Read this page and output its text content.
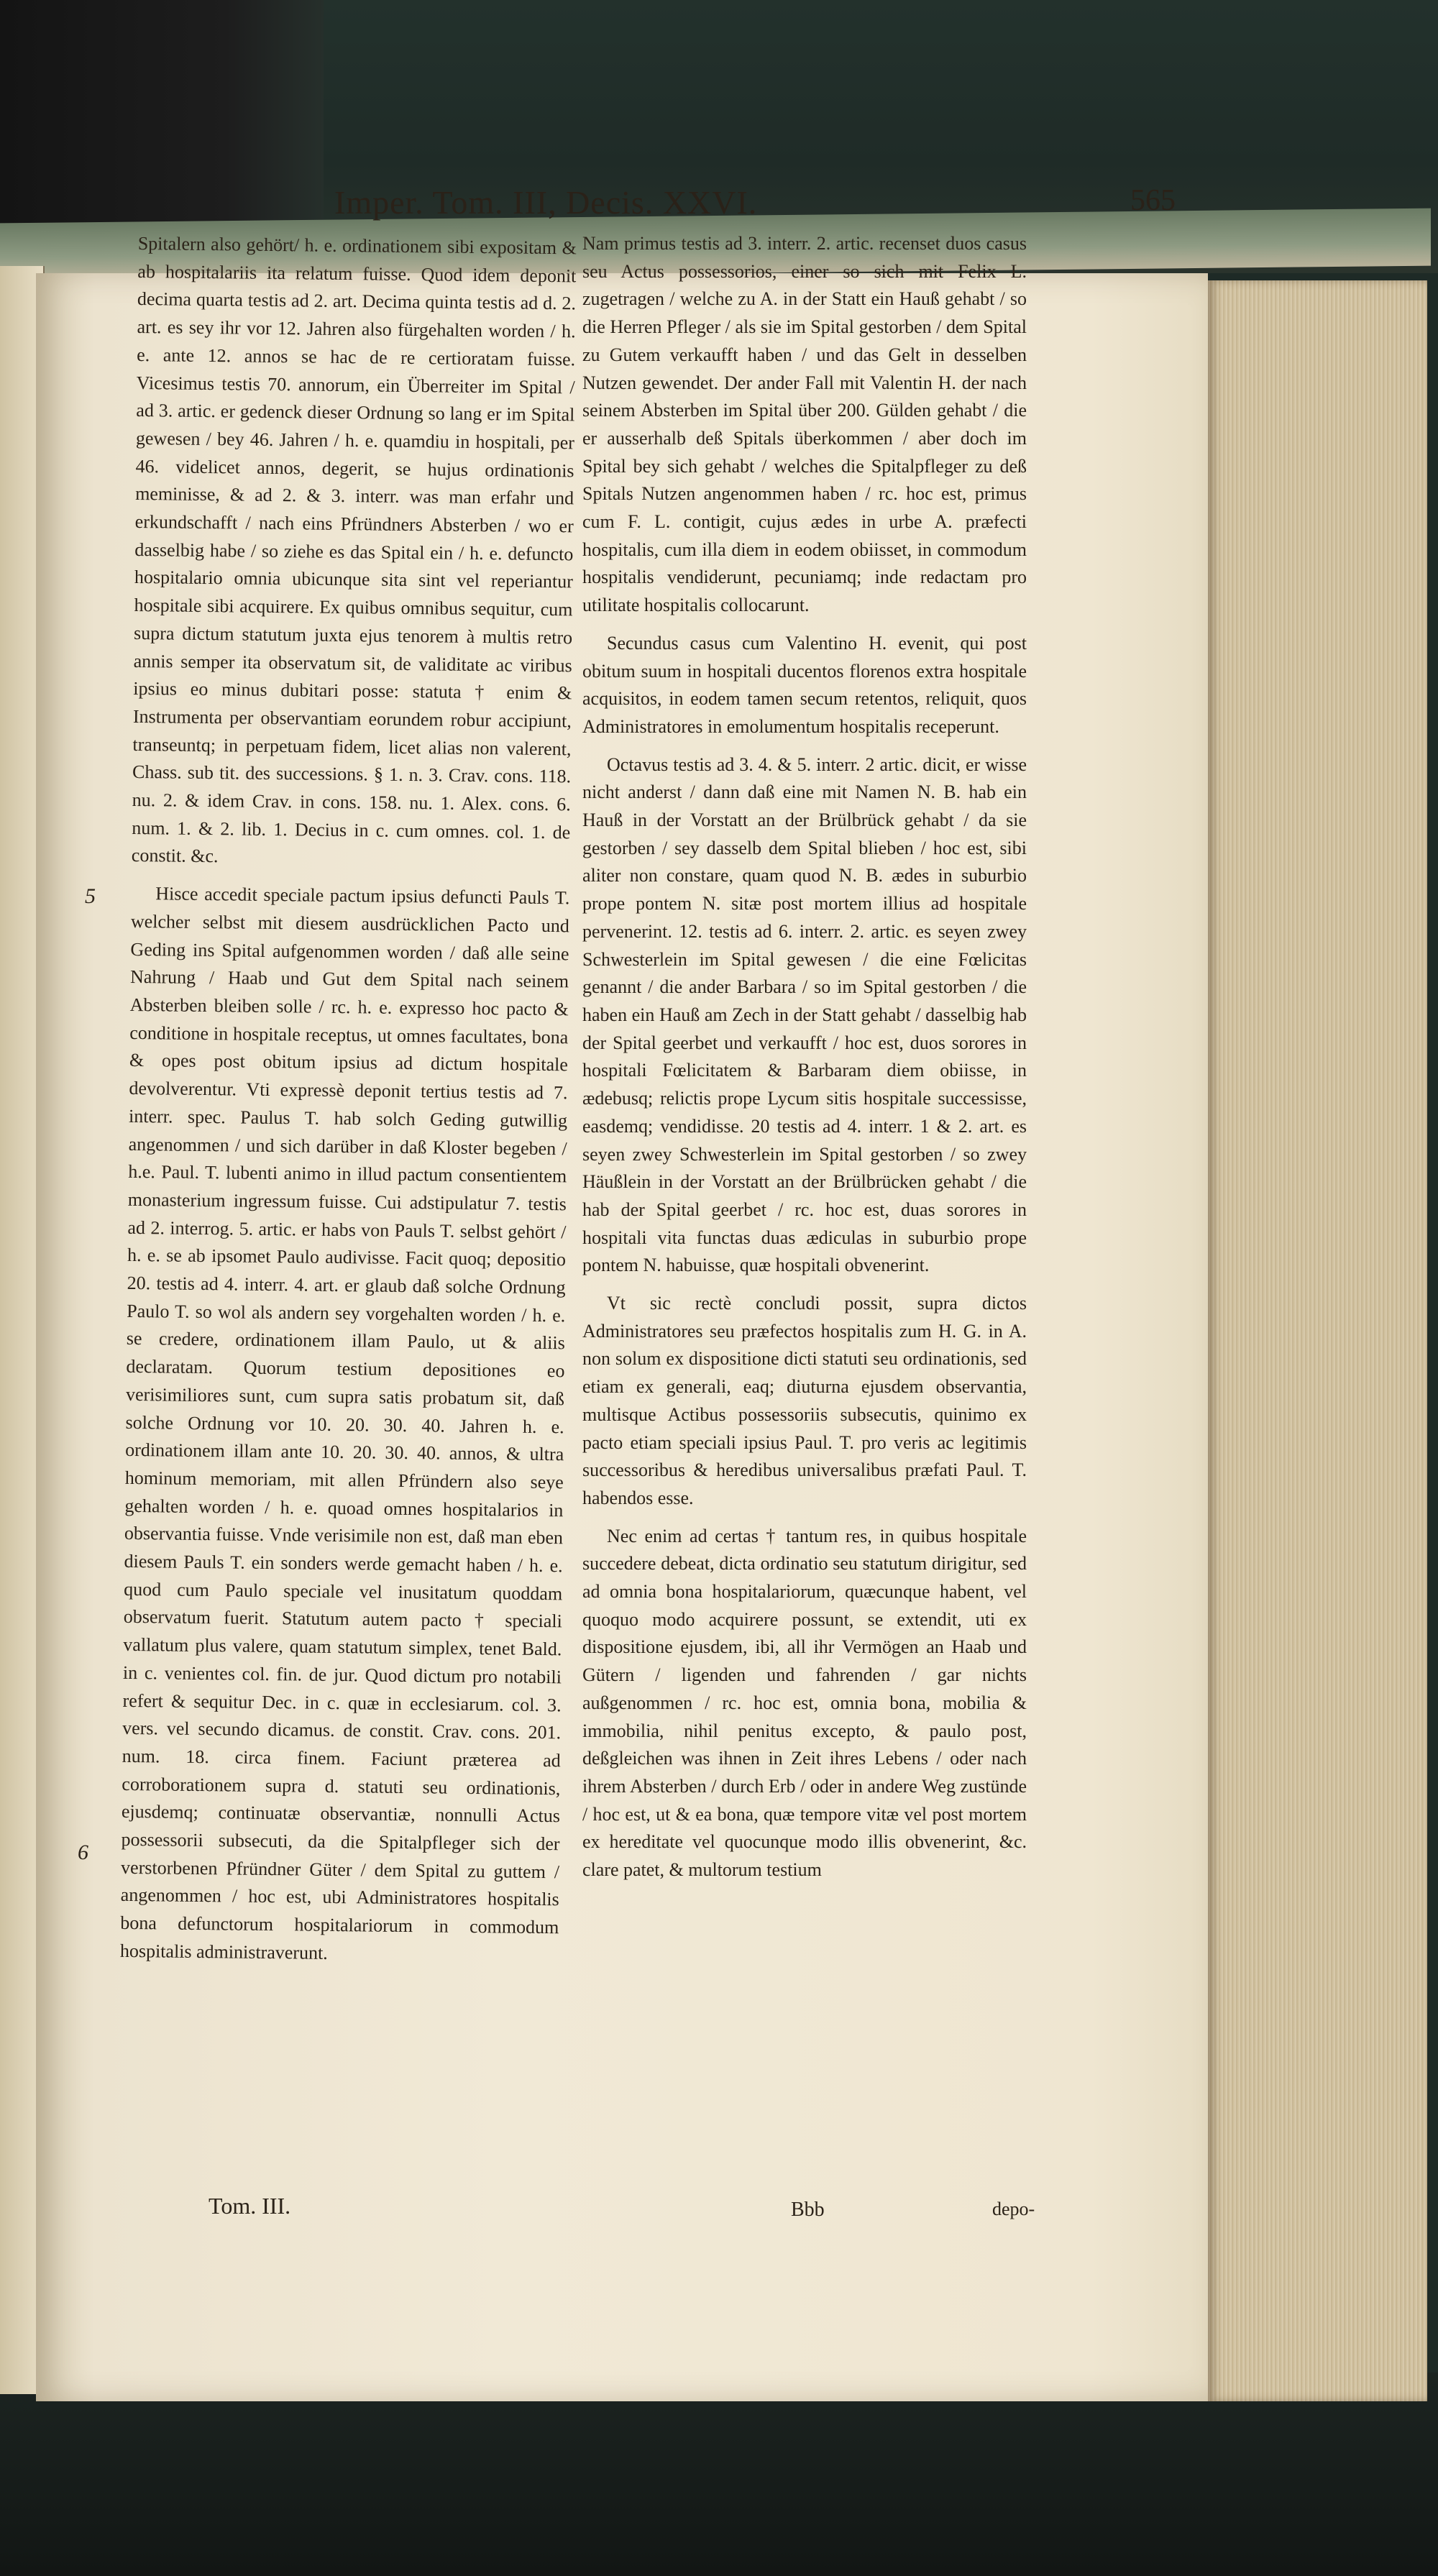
Imper. Tom. III, Decis. XXVI.	565

Spitalern also gehört/ h. e. ordinationem sibi expositam & ab hospitalariis ita relatum fuisse. Quod idem deponit decima quarta testis ad 2. art. Decima quinta testis ad d. 2. art. es sey ihr vor 12. Jahren also fürgehalten worden / h. e. ante 12. annos se hac de re certioratam fuisse. Vicesimus testis 70. annorum, ein Überreiter im Spital / ad 3. artic. er gedenck dieser Ordnung so lang er im Spital gewesen / bey 46. Jahren / h. e. quamdiu in hospitali, per 46. videlicet annos, degerit, se hujus ordinationis meminisse, & ad 2. & 3. interr. was man erfahr und erkundschafft / nach eins Pfründners Absterben / wo er dasselbig habe / so ziehe es das Spital ein / h. e. defuncto hospitalario omnia ubicunque sita sint vel reperiantur hospitale sibi acquirere. Ex quibus omnibus sequitur, cum supra dictum statutum juxta ejus tenorem à multis retro annis semper ita observatum sit, de validitate ac viribus ipsius eo minus dubitari posse: statuta † enim & Instrumenta per observantiam eorundem robur accipiunt, transeuntq; in perpetuam fidem, licet alias non valerent, Chass. sub tit. des successions. § 1. n. 3. Crav. cons. 118. nu. 2. & idem Crav. in cons. 158. nu. 1. Alex. cons. 6. num. 1. & 2. lib. 1. Decius in c. cum omnes. col. 1. de constit. &c.

Hisce accedit speciale pactum ipsius defuncti Pauls T. welcher selbst mit diesem ausdrücklichen Pacto und Geding ins Spital aufgenommen worden / daß alle seine Nahrung / Haab und Gut dem Spital nach seinem Absterben bleiben solle / rc. h. e. expresso hoc pacto & conditione in hospitale receptus, ut omnes facultates, bona & opes post obitum ipsius ad dictum hospitale devolverentur. Vti expressè deponit tertius testis ad 7. interr. spec. Paulus T. hab solch Geding gutwillig angenommen / und sich darüber in daß Kloster begeben / h.e. Paul. T. lubenti animo in illud pactum consentientem monasterium ingressum fuisse. Cui adstipulatur 7. testis ad 2. interrog. 5. artic. er habs von Pauls T. selbst gehört / h. e. se ab ipsomet Paulo audivisse. Facit quoq; depositio 20. testis ad 4. interr. 4. art. er glaub daß solche Ordnung Paulo T. so wol als andern sey vorgehalten worden / h. e. se credere, ordinationem illam Paulo, ut & aliis declaratam. Quorum testium depositiones eo verisimiliores sunt, cum supra satis probatum sit, daß solche Ordnung vor 10. 20. 30. 40. Jahren h. e. ordinationem illam ante 10. 20. 30. 40. annos, & ultra hominum memoriam, mit allen Pfründern also seye gehalten worden / h. e. quoad omnes hospitalarios in observantia fuisse. Vnde verisimile non est, daß man eben diesem Pauls T. ein sonders werde gemacht haben / h. e. quod cum Paulo speciale vel inusitatum quoddam observatum fuerit. Statutum autem pacto † speciali vallatum plus valere, quam statutum simplex, tenet Bald. in c. venientes col. fin. de jur. Quod dictum pro notabili refert & sequitur Dec. in c. quæ in ecclesiarum. col. 3. vers. vel secundo dicamus. de constit. Crav. cons. 201. num. 18. circa finem. Faciunt præterea ad corroborationem supra d. statuti seu ordinationis, ejusdemq; continuatæ observantiæ, nonnulli Actus possessorii subsecuti, da die Spitalpfleger sich der verstorbenen Pfründner Güter / dem Spital zu guttem / angenommen / hoc est, ubi Administratores hospitalis bona defunctorum hospitalariorum in commodum hospitalis administraverunt.

Nam primus testis ad 3. interr. 2. artic. recenset duos casus seu Actus possessorios, einer so sich mit Felix L. zugetragen / welche zu A. in der Statt ein Hauß gehabt / so die Herren Pfleger / als sie im Spital gestorben / dem Spital zu Gutem verkaufft haben / und das Gelt in desselben Nutzen gewendet. Der ander Fall mit Valentin H. der nach seinem Absterben im Spital über 200. Gülden gehabt / die er ausserhalb deß Spitals überkommen / aber doch im Spital bey sich gehabt / welches die Spitalpfleger zu deß Spitals Nutzen angenommen haben / rc. hoc est, primus cum F. L. contigit, cujus ædes in urbe A. præfecti hospitalis, cum illa diem in eodem obiisset, in commodum hospitalis vendiderunt, pecuniamq; inde redactam pro utilitate hospitalis collocarunt.

Secundus casus cum Valentino H. evenit, qui post obitum suum in hospitali ducentos florenos extra hospitale acquisitos, in eodem tamen secum retentos, reliquit, quos Administratores in emolumentum hospitalis receperunt.

Octavus testis ad 3. 4. & 5. interr. 2 artic. dicit, er wisse nicht anderst / dann daß eine mit Namen N. B. hab ein Hauß in der Vorstatt an der Brülbrück gehabt / da sie gestorben / sey dasselb dem Spital blieben / hoc est, sibi aliter non constare, quam quod N. B. ædes in suburbio prope pontem N. sitæ post mortem illius ad hospitale pervenerint. 12. testis ad 6. interr. 2. artic. es seyen zwey Schwesterlein im Spital gewesen / die eine Fœlicitas genannt / die ander Barbara / so im Spital gestorben / die haben ein Hauß am Zech in der Statt gehabt / dasselbig hab der Spital geerbet und verkaufft / hoc est, duos sorores in hospitali Fœlicitatem & Barbaram diem obiisse, in ædebusq; relictis prope Lycum sitis hospitale successisse, easdemq; vendidisse. 20 testis ad 4. interr. 1 & 2. art. es seyen zwey Schwesterlein im Spital gestorben / so zwey Häußlein in der Vorstatt an der Brülbrücken gehabt / die hab der Spital geerbet / rc. hoc est, duas sorores in hospitali vita functas duas ædiculas in suburbio prope pontem N. habuisse, quæ hospitali obvenerint.

Vt sic rectè concludi possit, supra dictos Administratores seu præfectos hospitalis zum H. G. in A. non solum ex dispositione dicti statuti seu ordinationis, sed etiam ex generali, eaq; diuturna ejusdem observantia, multisque Actibus possessoriis subsecutis, quinimo ex pacto etiam speciali ipsius Paul. T. pro veris ac legitimis successoribus & heredibus universalibus præfati Paul. T. habendos esse.

Nec enim ad certas † tantum res, in quibus hospitale succedere debeat, dicta ordinatio seu statutum dirigitur, sed ad omnia bona hospitalariorum, quæcunque habent, vel quoquo modo acquirere possunt, se extendit, uti ex dispositione ejusdem, ibi, all ihr Vermögen an Haab und Gütern / ligenden und fahrenden / gar nichts außgenommen / rc. hoc est, omnia bona, mobilia & immobilia, nihil penitus excepto, & paulo post, deßgleichen was ihnen in Zeit ihres Lebens / oder nach ihrem Absterben / durch Erb / oder in andere Weg zustünde / hoc est, ut & ea bona, quæ tempore vitæ vel post mortem ex hereditate vel quocunque modo illis obvenerint, &c. clare patet, & multorum testium

5
6
Tom. III.	Bbb	depo-
